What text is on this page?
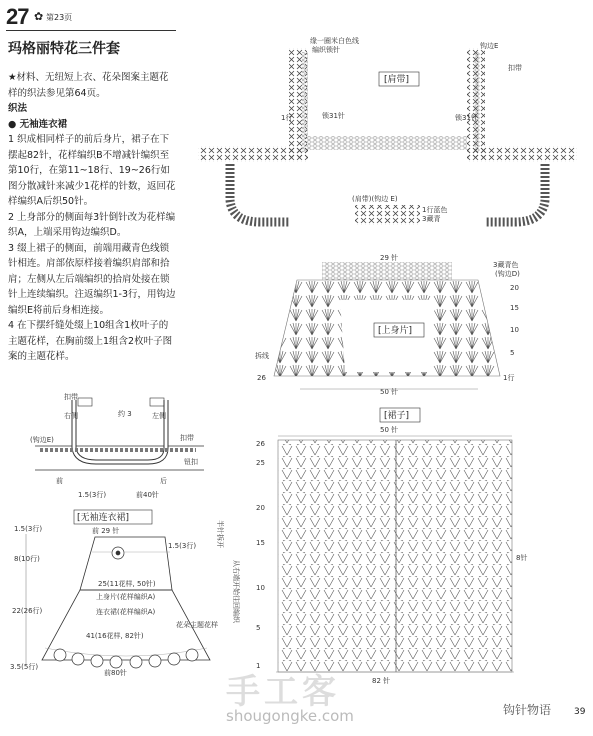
27 ✿ 第23页
玛格丽特花三件套

★材料、无纽短上衣、花朵图案主题花样的织法参见第64页。

织法

● 无袖连衣裙

1 织成相同样子的前后身片，裙子在下摆起82针，花样编织B不增减针编织至第10行，在第11~18行、19~26行如图分散减针来减少1花样的针数，返回花样编织A后织50针。

2 上身部分的侧面每3针倒针改为花样编织A，上端采用钩边编织D。

3 缀上裙子的侧面，前端用藏青色线锁针相连。肩部依原样接着编织肩部和拾肩；左侧从左后端编织的拾肩处接在锁针上连续编织。注返编织1-3行，用钩边编织E将前后身相连接。

4 在下摆纤缝处缀上10组含1枚叶子的主题花样，在胸前缀上1组含2枚叶子图案的主题花样。

[肩带]
缘一圈米白色线
编织锁针
1行	锁31针
扣带
锁31针
1行蓝色
3藏青
(肩带)(钩边 E)
钩边E
[上身片]
29 针
3藏青色
(钩边D)
拆线
50 针
1行
5
10
15
20
26
[裙子]
50 针
82 针
26
25
20
15
10
5
1
8针
从右端开始往回编织
半针拆开
扣带
右侧	左侧
约 3
(钩边E)	扣带
1.5(3行)
前	后
前40针
钮扣
[无袖连衣裙]
前 29 针
1.5(3行)
8(10行)
22(26行)
3.5(5行)
1.5(3行)
25(11花样, 50针)
上身片(花样编织A)
连衣裙(花样编织A)
花朵主题花样
41(16花样, 82针)
前80针	手工客
shougongke.com	钩针物语	39
